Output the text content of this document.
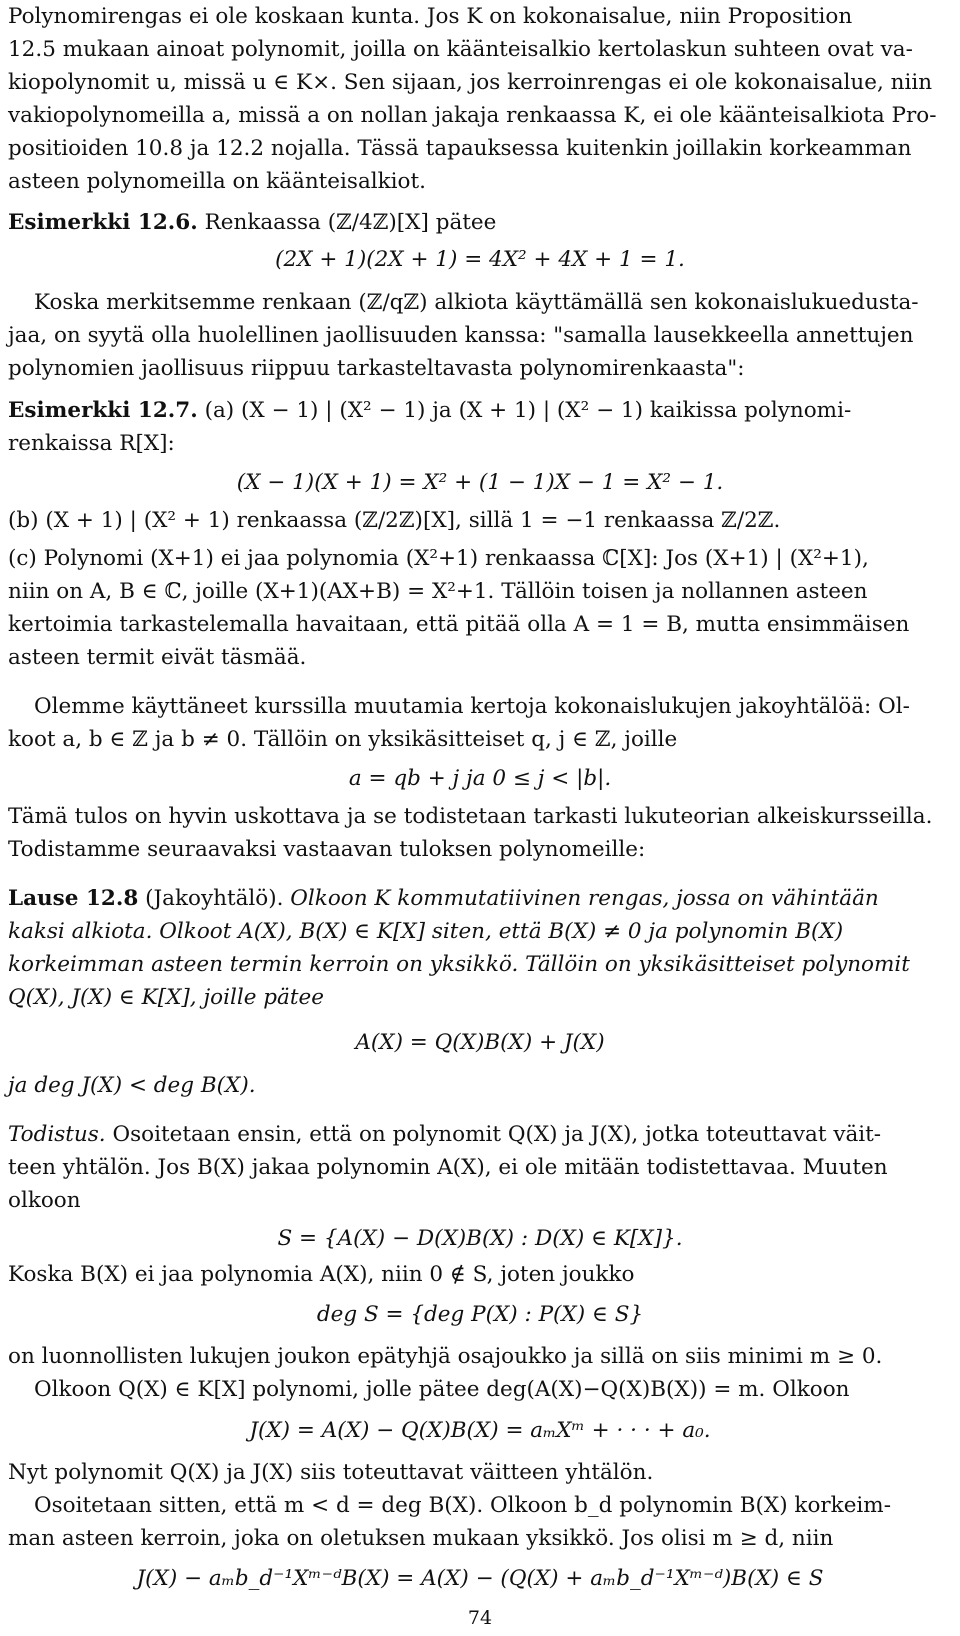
Polynomirengas ei ole koskaan kunta. Jos K on kokonaisalue, niin Proposition
12.5 mukaan ainoat polynomit, joilla on käänteisalkio kertolaskun suhteen ovat va-
kiopolynomit u, missä u ∈ K×. Sen sijaan, jos kerroinrengas ei ole kokonaisalue, niin
vakiopolynomeilla a, missä a on nollan jakaja renkaassa K, ei ole käänteisalkiota Pro-
positioiden 10.8 ja 12.2 nojalla. Tässä tapauksessa kuitenkin joillakin korkeamman
asteen polynomeilla on käänteisalkiot.
Esimerkki 12.6. Renkaassa (ℤ/4ℤ)[X] pätee
(2X + 1)(2X + 1) = 4X² + 4X + 1 = 1.
Koska merkitsemme renkaan (ℤ/qℤ) alkiota käyttämällä sen kokonaislukuedusta-
jaa, on syytä olla huolellinen jaollisuuden kanssa: "samalla lausekkeella annettujen
polynomien jaollisuus riippuu tarkasteltavasta polynomirenkaasta":
Esimerkki 12.7. (a) (X − 1) | (X² − 1) ja (X + 1) | (X² − 1) kaikissa polynomi-
renkaissa R[X]:
(X − 1)(X + 1) = X² + (1 − 1)X − 1 = X² − 1.
(b) (X + 1) | (X² + 1) renkaassa (ℤ/2ℤ)[X], sillä 1 = −1 renkaassa ℤ/2ℤ.
(c) Polynomi (X+1) ei jaa polynomia (X²+1) renkaassa ℂ[X]: Jos (X+1) | (X²+1),
niin on A, B ∈ ℂ, joille (X+1)(AX+B) = X²+1. Tällöin toisen ja nollannen asteen
kertoimia tarkastelemalla havaitaan, että pitää olla A = 1 = B, mutta ensimmäisen
asteen termit eivät täsmää.
Olemme käyttäneet kurssilla muutamia kertoja kokonaislukujen jakoyhtälöä: Ol-
koot a, b ∈ ℤ ja b ≠ 0. Tällöin on yksikäsitteiset q, j ∈ ℤ, joille
a = qb + j ja 0 ≤ j < |b|.
Tämä tulos on hyvin uskottava ja se todistetaan tarkasti lukuteorian alkeiskursseilla.
Todistamme seuraavaksi vastaavan tuloksen polynomeille:
Lause 12.8 (Jakoyhtälö). Olkoon K kommutatiivinen rengas, jossa on vähintään
kaksi alkiota. Olkoot A(X), B(X) ∈ K[X] siten, että B(X) ≠ 0 ja polynomin B(X)
korkeimman asteen termin kerroin on yksikkö. Tällöin on yksikäsitteiset polynomit
Q(X), J(X) ∈ K[X], joille pätee
A(X) = Q(X)B(X) + J(X)
ja deg J(X) < deg B(X).
Todistus. Osoitetaan ensin, että on polynomit Q(X) ja J(X), jotka toteuttavat väit-
teen yhtälön. Jos B(X) jakaa polynomin A(X), ei ole mitään todistettavaa. Muuten
olkoon
S = {A(X) − D(X)B(X) : D(X) ∈ K[X]}.
Koska B(X) ei jaa polynomia A(X), niin 0 ∉ S, joten joukko
deg S = {deg P(X) : P(X) ∈ S}
on luonnollisten lukujen joukon epätyhjä osajoukko ja sillä on siis minimi m ≥ 0.
Olkoon Q(X) ∈ K[X] polynomi, jolle pätee deg(A(X)−Q(X)B(X)) = m. Olkoon
J(X) = A(X) − Q(X)B(X) = aₘXᵐ + · · · + a₀.
Nyt polynomit Q(X) ja J(X) siis toteuttavat väitteen yhtälön.
Osoitetaan sitten, että m < d = deg B(X). Olkoon b_d polynomin B(X) korkeim-
man asteen kerroin, joka on oletuksen mukaan yksikkö. Jos olisi m ≥ d, niin
J(X) − aₘb_d⁻¹Xᵐ⁻ᵈB(X) = A(X) − (Q(X) + aₘb_d⁻¹Xᵐ⁻ᵈ)B(X) ∈ S
74
